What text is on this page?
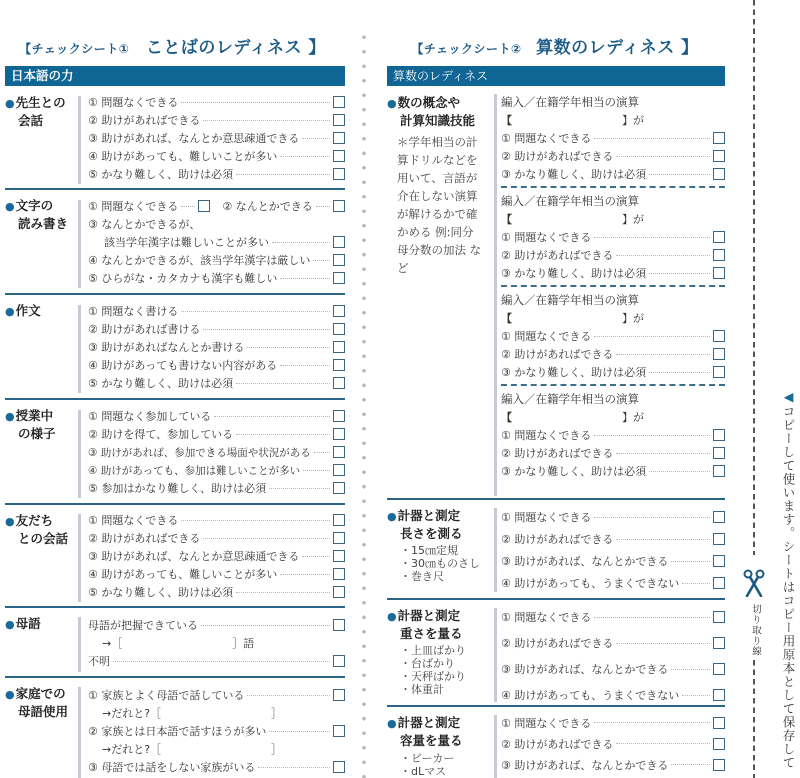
【チェックシート① ことばのレディネス 】
日本語の力
●先生との
会話
① 問題なくできる
② 助けがあればできる
③ 助けがあれば、なんとか意思疎通できる
④ 助けがあっても、難しいことが多い
⑤ かなり難しく、助けは必須
●文字の
読み書き
① 問題なくできる	② なんとかできる
③ なんとかできるが、
該当学年漢字は難しいことが多い
④ なんとかできるが、該当学年漢字は厳しい
⑤ ひらがな・カタカナも漢字も難しい
●作文	① 問題なく書ける
② 助けがあれば書ける
③ 助けがあればなんとか書ける
④ 助けがあっても書けない内容がある
⑤ かなり難しく、助けは必須
●授業中
の様子
① 問題なく参加している
② 助けを得て、参加している
③ 助けがあれば、参加できる場面や状況がある
④ 助けがあっても、参加は難しいことが多い
⑤ 参加はかなり難しく、助けは必須
●友だち
との会話
① 問題なくできる
② 助けがあればできる
③ 助けがあれば、なんとか意思疎通できる
④ 助けがあっても、難しいことが多い
⑤ かなり難しく、助けは必須
●母語	母語が把握できている
→［　　　　　　　　　　］語
不明
●家庭での
母語使用
① 家族とよく母語で話している
→だれと?［　　　　　　　　　　］
② 家族とは日本語で話すほうが多い
→だれと?［　　　　　　　　　　］
③ 母語では話をしない家族がいる
【チェックシート② 算数のレディネス 】
算数のレディネス
●数の概念や
計算知識技能
＊学年相当の計算ドリルなどを用いて、言語が介在しない演算が解けるかで確かめる 例:同分母分数の加法 など
編入／在籍学年相当の演算
【	】が
① 問題なくできる
② 助けがあればできる
③ かなり難しく、助けは必須
編入／在籍学年相当の演算
【	】が
① 問題なくできる
② 助けがあればできる
③ かなり難しく、助けは必須
編入／在籍学年相当の演算
【	】が
① 問題なくできる
② 助けがあればできる
③ かなり難しく、助けは必須
編入／在籍学年相当の演算
【	】が
① 問題なくできる
② 助けがあればできる
③ かなり難しく、助けは必須
●計器と測定
長さを測る
・15㎝定規
・30㎝ものさし
・巻き尺
① 問題なくできる
② 助けがあればできる
③ 助けがあれば、なんとかできる
④ 助けがあっても、うまくできない
●計器と測定
重さを量る
・上皿ばかり
・台ばかり
・天秤ばかり
・体重計
① 問題なくできる
② 助けがあればできる
③ 助けがあれば、なんとかできる
④ 助けがあっても、うまくできない
●計器と測定
容量を量る
・ビーカー
・dLマス
① 問題なくできる
② 助けがあればできる
③ 助けがあれば、なんとかできる
切り取り線
◀コピーして使います。シートはコピー用原本として保存して
